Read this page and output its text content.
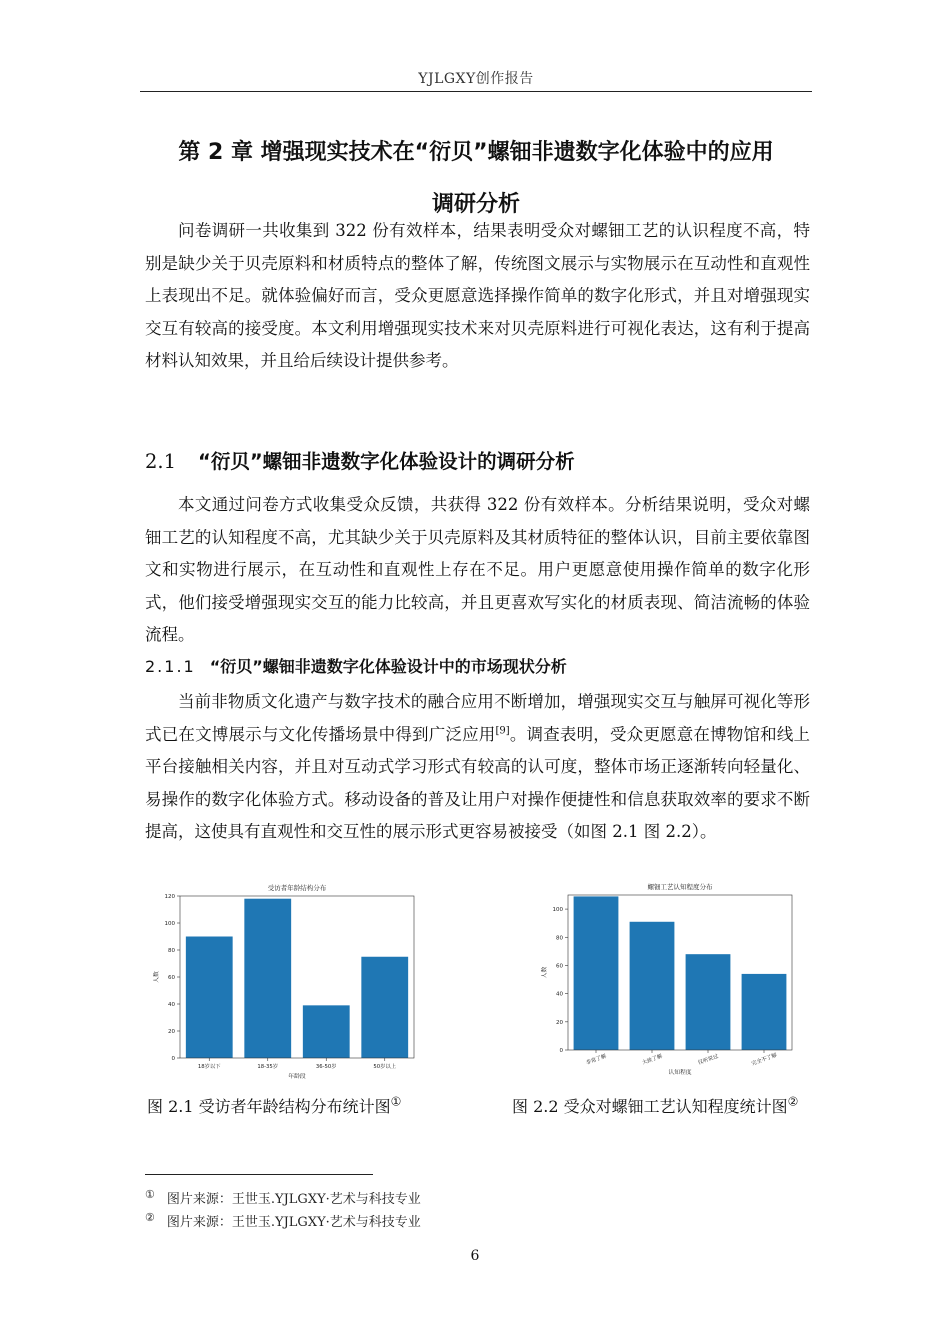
YJLGXY创作报告
第 2 章 增强现实技术在“衍贝”螺钿非遗数字化体验中的应用
调研分析

问卷调研一共收集到 322 份有效样本，结果表明受众对螺钿工艺的认识程度不高，特别是缺少关于贝壳原料和材质特点的整体了解，传统图文展示与实物展示在互动性和直观性上表现出不足。就体验偏好而言，受众更愿意选择操作简单的数字化形式，并且对增强现实交互有较高的接受度。本文利用增强现实技术来对贝壳原料进行可视化表达，这有利于提高材料认知效果，并且给后续设计提供参考。

2.1 “衍贝”螺钿非遗数字化体验设计的调研分析

本文通过问卷方式收集受众反馈，共获得 322 份有效样本。分析结果说明，受众对螺钿工艺的认知程度不高，尤其缺少关于贝壳原料及其材质特征的整体认识，目前主要依靠图文和实物进行展示，在互动性和直观性上存在不足。用户更愿意使用操作简单的数字化形式，他们接受增强现实交互的能力比较高，并且更喜欢写实化的材质表现、简洁流畅的体验流程。

2.1.1 “衍贝”螺钿非遗数字化体验设计中的市场现状分析

当前非物质文化遗产与数字技术的融合应用不断增加，增强现实交互与触屏可视化等形式已在文博展示与文化传播场景中得到广泛应用[9]。调查表明，受众更愿意在博物馆和线上平台接触相关内容，并且对互动式学习形式有较高的认可度，整体市场正逐渐转向轻量化、易操作的数字化体验方式。移动设备的普及让用户对操作便捷性和信息获取效率的要求不断提高，这使具有直观性和交互性的展示形式更容易被接受（如图 2.1 图 2.2）。

受访者年龄结构分布
0
20
40
60
80
100
120
18岁以下	18-35岁	36-50岁	50岁以上
年龄段
人数
螺钿工艺认知程度分布
0
20
40
60
80
100
非常了解	大致了解	仅听说过	完全不了解
认知程度
人数
图 2.1 受访者年龄结构分布统计图①	图 2.2 受众对螺钿工艺认知程度统计图②
① 图片来源：王世玉.YJLGXY·艺术与科技专业
② 图片来源：王世玉.YJLGXY·艺术与科技专业
6
